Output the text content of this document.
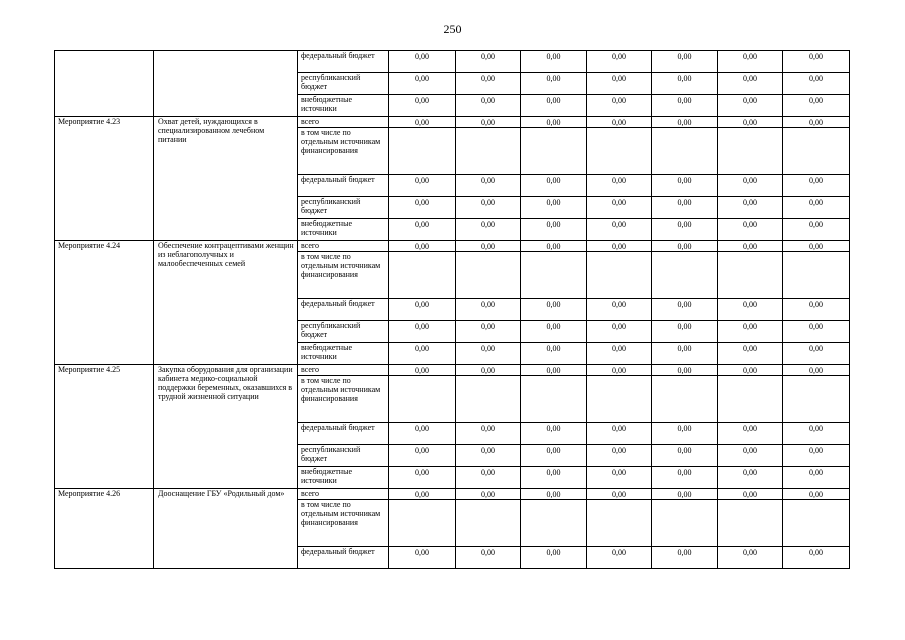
250
		федеральный бюджет	0,00	0,00	0,00	0,00	0,00	0,00	0,00
		республиканский бюджет	0,00	0,00	0,00	0,00	0,00	0,00	0,00
		внебюджетные источники	0,00	0,00	0,00	0,00	0,00	0,00	0,00
Мероприятие 4.23	Охват детей, нуждающихся в специализированном лечебном питании	всего	0,00	0,00	0,00	0,00	0,00	0,00	0,00
		в том числе по отдельным источникам финансирования							
		федеральный бюджет	0,00	0,00	0,00	0,00	0,00	0,00	0,00
		республиканский бюджет	0,00	0,00	0,00	0,00	0,00	0,00	0,00
		внебюджетные источники	0,00	0,00	0,00	0,00	0,00	0,00	0,00
Мероприятие 4.24	Обеспечение контрацептивами женщин из неблагополучных и малообеспеченных семей	всего	0,00	0,00	0,00	0,00	0,00	0,00	0,00
		в том числе по отдельным источникам финансирования							
		федеральный бюджет	0,00	0,00	0,00	0,00	0,00	0,00	0,00
		республиканский бюджет	0,00	0,00	0,00	0,00	0,00	0,00	0,00
		внебюджетные источники	0,00	0,00	0,00	0,00	0,00	0,00	0,00
Мероприятие 4.25	Закупка оборудования для организации кабинета медико-социальной поддержки беременных, оказавшихся в трудной жизненной ситуации	всего	0,00	0,00	0,00	0,00	0,00	0,00	0,00
		в том числе по отдельным источникам финансирования							
		федеральный бюджет	0,00	0,00	0,00	0,00	0,00	0,00	0,00
		республиканский бюджет	0,00	0,00	0,00	0,00	0,00	0,00	0,00
		внебюджетные источники	0,00	0,00	0,00	0,00	0,00	0,00	0,00
Мероприятие 4.26	Дооснащение ГБУ «Родильный дом»	всего	0,00	0,00	0,00	0,00	0,00	0,00	0,00
		в том числе по отдельным источникам финансирования							
		федеральный бюджет	0,00	0,00	0,00	0,00	0,00	0,00	0,00
